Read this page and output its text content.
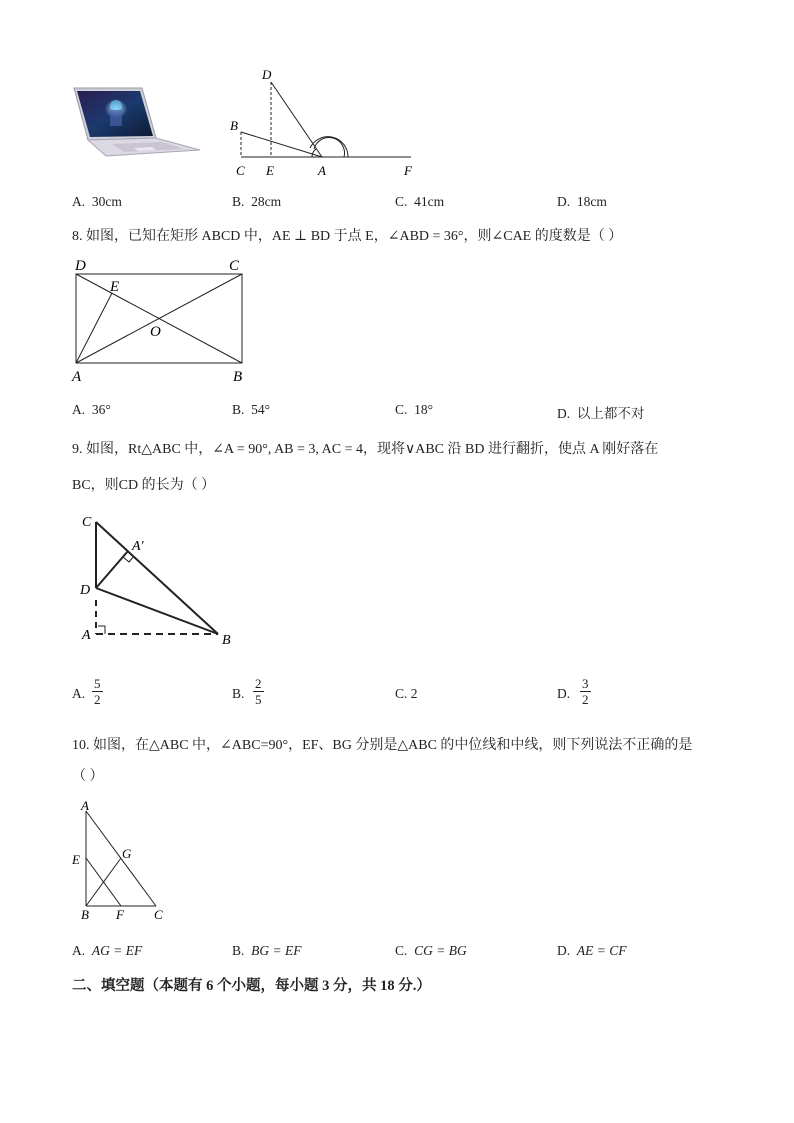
D
B
C E	A	F
A. 30cm	B. 28cm	C. 41cm	D. 18cm
8. 如图，已知在矩形 ABCD 中，AE ⊥ BD 于点 E，∠ABD = 36°，则∠CAE 的度数是（ ）
D	C
E
O
A	B
A. 36°	B. 54°	C. 18°	D. 以上都不对
9. 如图，Rt△ABC 中，∠A = 90°, AB = 3, AC = 4，现将∨ABC 沿 BD 进行翻折，使点 A 刚好落在
BC，则CD 的长为（ ）
C
A′
D
A	B
A. $\frac{5}{2}$	B. $\frac{2}{5}$	C. 2	D. $\frac{3}{2}$
10. 如图，在△ABC 中，∠ABC=90°，EF、BG 分别是△ABC 的中位线和中线，则下列说法不正确的是
（ ）
A
E	G
B F C
A. AG = EF	B. BG = EF	C. CG = BG	D. AE = CF
二、填空题（本题有 6 个小题，每小题 3 分，共 18 分.）
